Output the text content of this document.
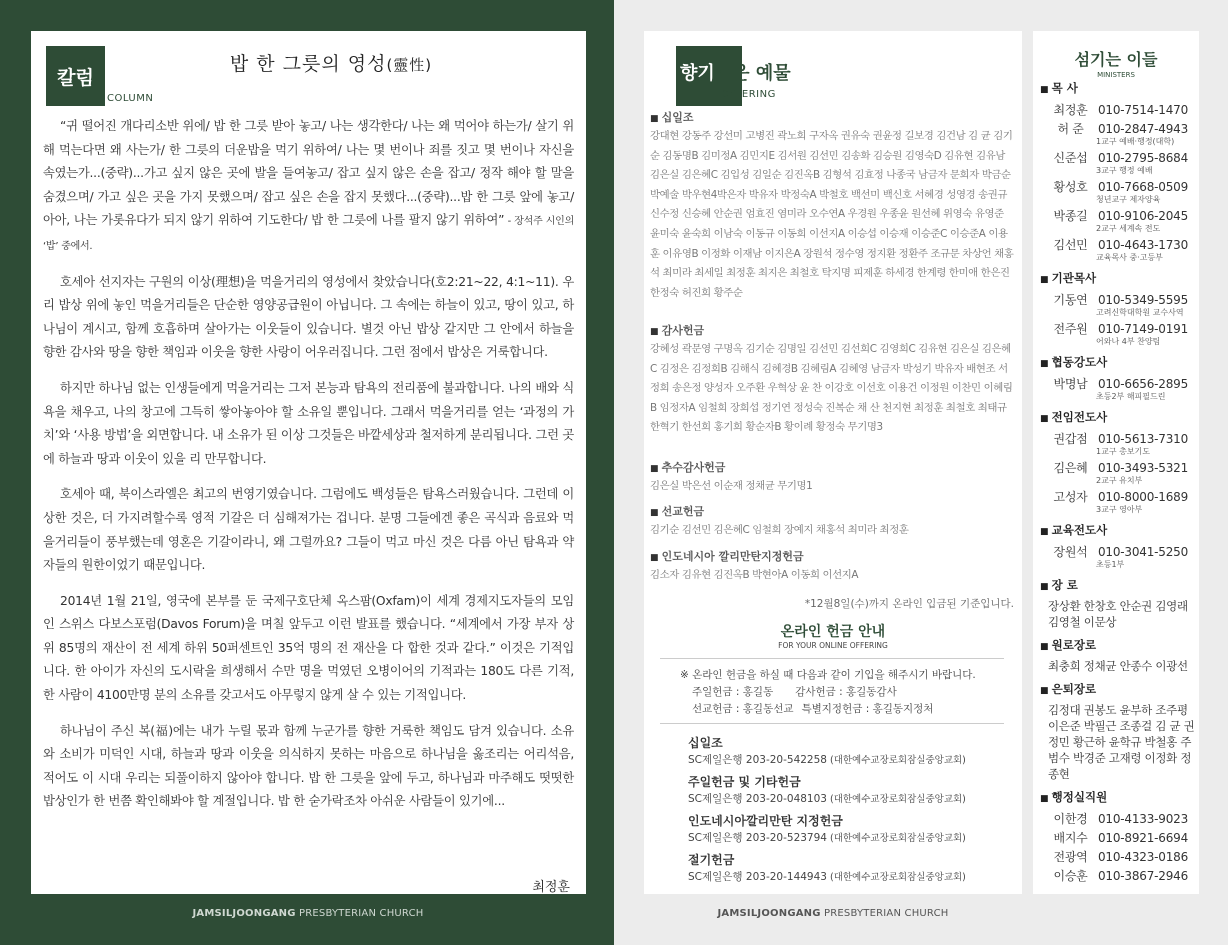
칼럼
COLUMN
밥 한 그릇의 영성(靈性)

“귀 떨어진 개다리소반 위에/ 밥 한 그릇 받아 놓고/ 나는 생각한다/ 나는 왜 먹어야 하는가/ 살기 위해 먹는다면 왜 사는가/ 한 그릇의 더운밥을 먹기 위하여/ 나는 몇 번이나 죄를 짓고 몇 번이나 자신을 속였는가...(중략)...가고 싶지 않은 곳에 발을 들여놓고/ 잡고 싶지 않은 손을 잡고/ 정작 해야 할 말을 숨겼으며/ 가고 싶은 곳을 가지 못했으며/ 잡고 싶은 손을 잡지 못했다...(중략)...밥 한 그릇 앞에 놓고/ 아아, 나는 가롯유다가 되지 않기 위하여 기도한다/ 밥 한 그릇에 나를 팔지 않기 위하여” - 장석주 시인의 ‘밥’ 중에서.

호세아 선지자는 구원의 이상(理想)을 먹을거리의 영성에서 찾았습니다(호2:21~22, 4:1~11). 우리 밥상 위에 놓인 먹을거리들은 단순한 영양공급원이 아닙니다. 그 속에는 하늘이 있고, 땅이 있고, 하나님이 계시고, 함께 호흡하며 살아가는 이웃들이 있습니다. 별것 아닌 밥상 같지만 그 안에서 하늘을 향한 감사와 땅을 향한 책임과 이웃을 향한 사랑이 어우러집니다. 그런 점에서 밥상은 거룩합니다.

하지만 하나님 없는 인생들에게 먹을거리는 그저 본능과 탐욕의 전리품에 불과합니다. 나의 배와 식욕을 채우고, 나의 창고에 그득히 쌓아놓아야 할 소유일 뿐입니다. 그래서 먹을거리를 얻는 ‘과정의 가치’와 ‘사용 방법’을 외면합니다. 내 소유가 된 이상 그것들은 바깥세상과 철저하게 분리됩니다. 그런 곳에 하늘과 땅과 이웃이 있을 리 만무합니다.

호세아 때, 북이스라엘은 최고의 번영기였습니다. 그럼에도 백성들은 탐욕스러웠습니다. 그런데 이상한 것은, 더 가지려할수록 영적 기갈은 더 심해져가는 겁니다. 분명 그들에겐 좋은 곡식과 음료와 먹을거리들이 풍부했는데 영혼은 기갈이라니, 왜 그럴까요? 그들이 먹고 마신 것은 다름 아닌 탐욕과 약자들의 원한이었기 때문입니다.

2014년 1월 21일, 영국에 본부를 둔 국제구호단체 옥스팜(Oxfam)이 세계 경제지도자들의 모임인 스위스 다보스포럼(Davos Forum)을 며칠 앞두고 이런 발표를 했습니다. “세계에서 가장 부자 상위 85명의 재산이 전 세계 하위 50퍼센트인 35억 명의 전 재산을 다 합한 것과 같다.” 이것은 기적입니다. 한 아이가 자신의 도시락을 희생해서 수만 명을 먹였던 오병이어의 기적과는 180도 다른 기적, 한 사람이 4100만명 분의 소유를 갖고서도 아무렇지 않게 살 수 있는 기적입니다.

하나님이 주신 복(福)에는 내가 누릴 몫과 함께 누군가를 향한 거룩한 책임도 담겨 있습니다. 소유와 소비가 미덕인 시대, 하늘과 땅과 이웃을 의식하지 못하는 마음으로 하나님을 옳조리는 어리석음, 적어도 이 시대 우리는 되풀이하지 않아야 합니다. 밥 한 그릇을 앞에 두고, 하나님과 마주해도 떳떳한 밥상인가 한 번쯤 확인해봐야 할 계절입니다. 밥 한 숟가락조차 아쉬운 사람들이 있기에...

최정훈
JAMSILJOONGANG PRESBYTERIAN CHURCH
향기로운 예물
OFFERING
■ 십일조
강대현 강동주 강선미 고병진 곽노희 구자옥 권유숙 권윤정 길보경 김건남 김 균 김기순 김동명B 김미정A 김민지E 김서원 김선민 김송화 김승원 김영숙D 김유현 김유남 김은실 김은혜C 김입성 김일순 김진옥B 김형석 김효정 나종국 남금자 문희자 박금순 박예술 박우현4박은자 박유자 박정숙A 박철호 백선미 백신호 서혜경 성영경 송권규 신수정 신승혜 안순권 엄효진 염미라 오수연A 우경원 우종윤 원선혜 위영숙 유영준 윤미숙 윤숙희 이남숙 이동규 이동희 이선지A 이승섭 이승재 이승준C 이승준A 이용훈 이유영B 이정화 이재남 이지은A 장원석 정수영 정지환 정환주 조규문 차상언 채홍석 최미라 최세일 최정훈 최지은 최철호 탁지명 피제훈 하세경 한계령 한미애 한은진 한정숙 허진희 황주순
■ 감사헌금
강혜성 곽문영 구명옥 김기순 김명일 김선민 김선희C 김영희C 김유현 김은실 김은혜C 김정은 김정희B 김해식 김혜경B 김혜림A 김혜영 남금자 박성기 박유자 배현조 서정희 송은정 양성자 오주환 우혁상 윤 찬 이강호 이선호 이용건 이정원 이찬민 이혜림B 임정자A 임철희 장희섭 정기연 정성숙 진복순 채 산 천지현 최정훈 최철호 최태규 한혁기 한선희 홍기희 황순자B 황이례 황정숙 무기명3
■ 추수감사헌금
김은실 박은선 이순재 정채균 무기명1
■ 선교헌금
김기순 김선민 김은혜C 임철희 장예지 채홍석 최미라 최정훈
■ 인도네시아 깔리만탄지정헌금
김소자 김유현 김진옥B 박현아A 이동희 이선지A
*12월8일(수)까지 온라인 입금된 기준입니다.
온라인 헌금 안내
FOR YOUR ONLINE OFFERING
※ 온라인 헌금을 하실 때 다음과 같이 기입을 해주시기 바랍니다.
주일헌금 : 홍길동 감사헌금 : 홍길동감사
선교헌금 : 홍길동선교 특별지정헌금 : 홍길동지정처
십일조
SC제일은행 203-20-542258 (대한예수교장로회잠실중앙교회)
주일헌금 및 기타헌금
SC제일은행 203-20-048103 (대한예수교장로회잠실중앙교회)
인도네시아깔리만탄 지정헌금
SC제일은행 203-20-523794 (대한예수교장로회잠실중앙교회)
절기헌금
SC제일은행 203-20-144943 (대한예수교장로회잠실중앙교회)
JAMSILJOONGANG PRESBYTERIAN CHURCH
섬기는 이들
MINISTERS
■ 목 사
최정훈 010-7514-1470
허 준	010-2847-4943
1교구 예배·행정(대학)
신준섭 010-2795-8684
3교구 행정 예배
황성호 010-7668-0509
청년교구 제자양육
박종길 010-9106-2045
2교구 세계속 전도
김선민 010-4643-1730
교육목사 중·고등부
■ 기관목사
기동연 010-5349-5595
고려신학대학원 교수사역
전주원 010-7149-0191
어와나 4부 찬양팀
■ 협동강도사
박명남 010-6656-2895
초등2부 해피필드린
■ 전임전도사
권갑점 010-5613-7310
1교구 총보기도
김은혜 010-3493-5321
2교구 유치부
고성자 010-8000-1689
3교구 영아부
■ 교육전도사
장원석 010-3041-5250
초등1부
■ 장 로
장상환 한창호 안순권 김영래 김영철 이문상
■ 원로장로
최충희 정채균 안종수 이광선
■ 은퇴장로
김정대 권봉도 윤부하 조주평 이은준 박필근 조종걸 김 균 권정민 황근하 윤학규 박철홍 주범수 박경준 고재령 이정화 정종현
■ 행정실직원
이한경 010-4133-9023
배지수 010-8921-6694
전광역 010-4323-0186
이승훈 010-3867-2946
